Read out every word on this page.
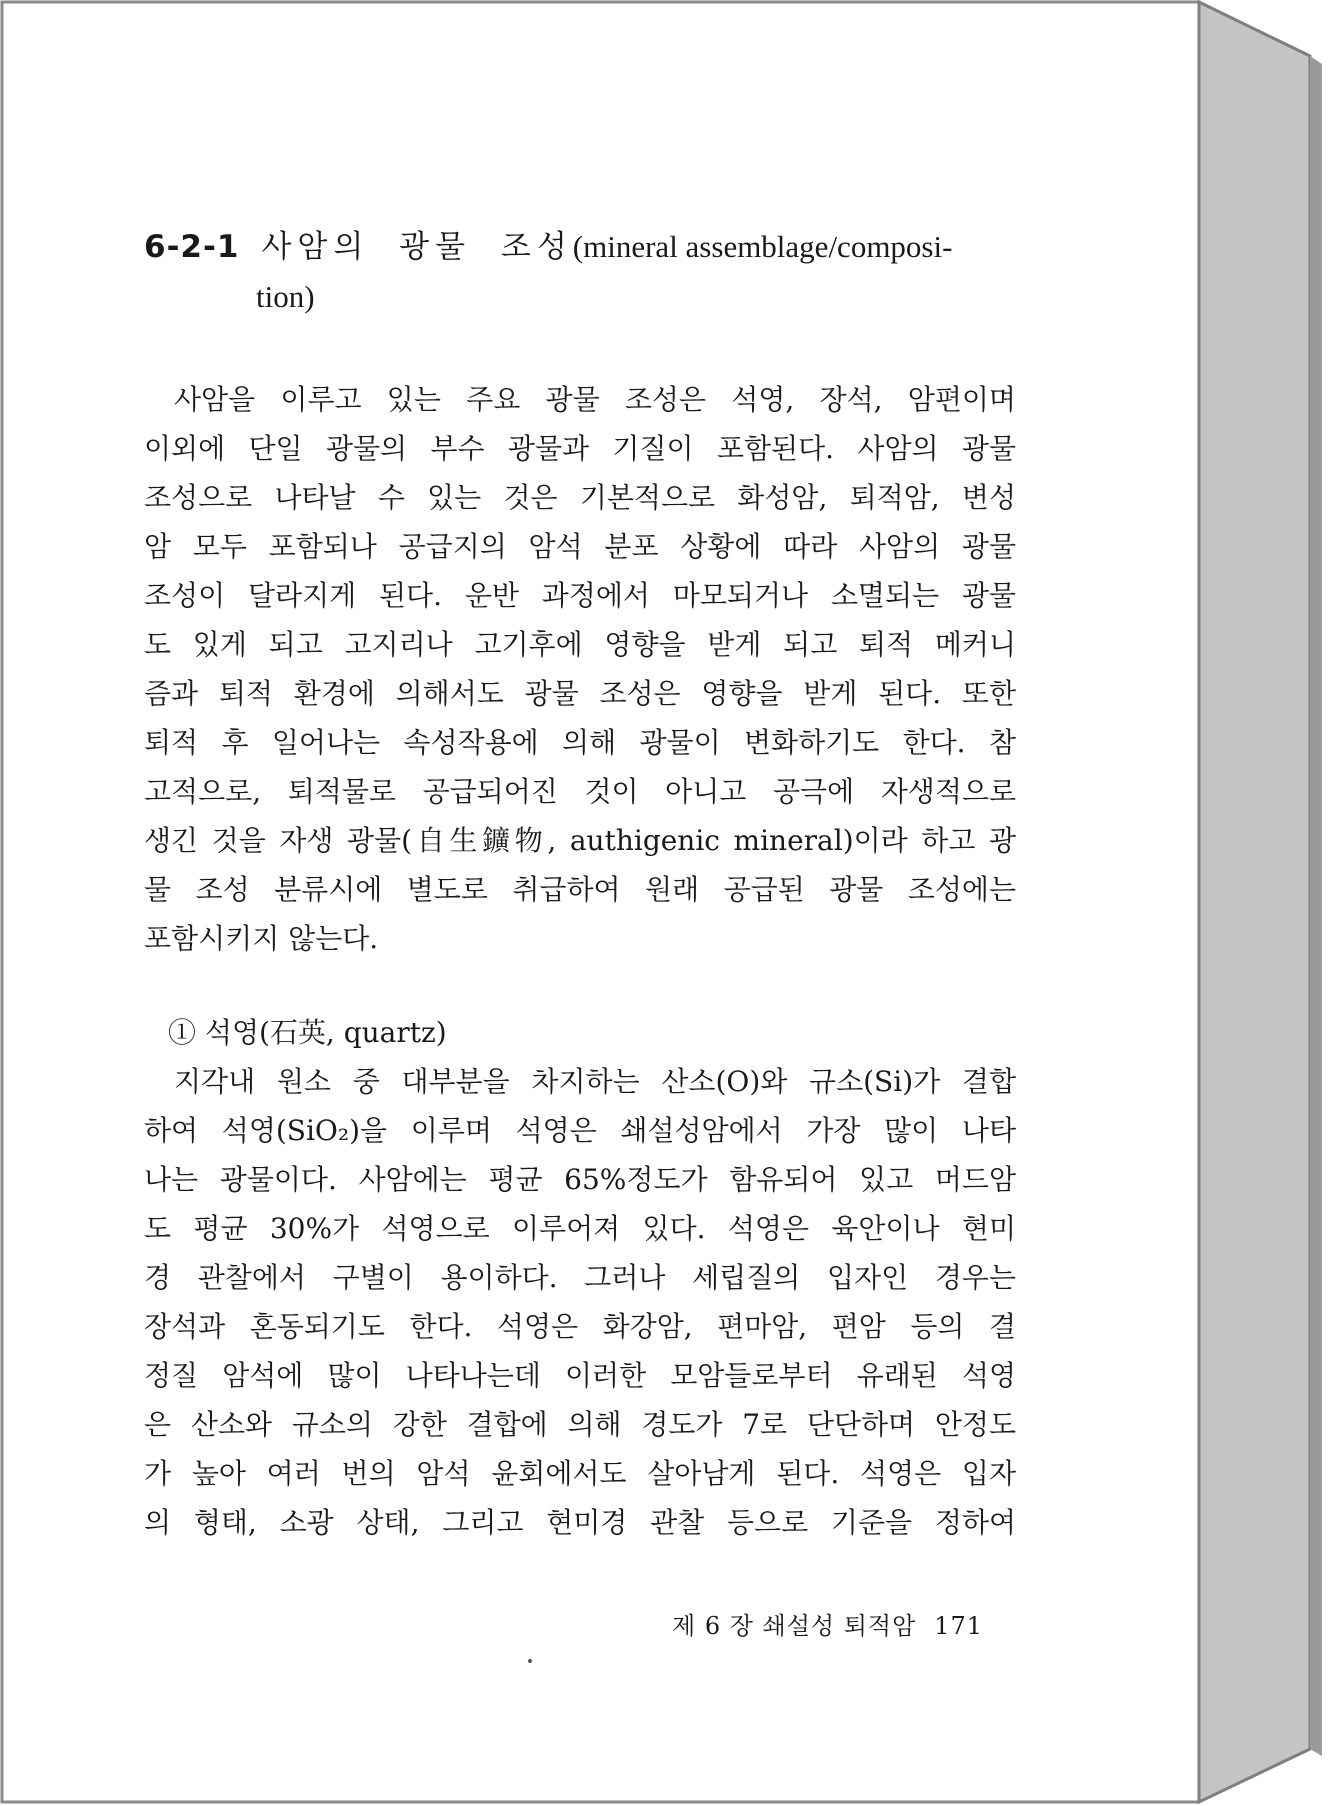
6-2-1 사암의 광물 조성(mineral assemblage/composi-
tion)
사암을 이루고 있는 주요 광물 조성은 석영, 장석, 암편이며
이외에 단일 광물의 부수 광물과 기질이 포함된다. 사암의 광물
조성으로 나타날 수 있는 것은 기본적으로 화성암, 퇴적암, 변성
암 모두 포함되나 공급지의 암석 분포 상황에 따라 사암의 광물
조성이 달라지게 된다. 운반 과정에서 마모되거나 소멸되는 광물
도 있게 되고 고지리나 고기후에 영향을 받게 되고 퇴적 메커니
즘과 퇴적 환경에 의해서도 광물 조성은 영향을 받게 된다. 또한
퇴적 후 일어나는 속성작용에 의해 광물이 변화하기도 한다. 참
고적으로, 퇴적물로 공급되어진 것이 아니고 공극에 자생적으로
생긴 것을 자생 광물(自生鑛物, authigenic mineral)이라 하고 광
물 조성 분류시에 별도로 취급하여 원래 공급된 광물 조성에는
포함시키지 않는다.
① 석영(石英, quartz)
지각내 원소 중 대부분을 차지하는 산소(O)와 규소(Si)가 결합
하여 석영(SiO₂)을 이루며 석영은 쇄설성암에서 가장 많이 나타
나는 광물이다. 사암에는 평균 65%정도가 함유되어 있고 머드암
도 평균 30%가 석영으로 이루어져 있다. 석영은 육안이나 현미
경 관찰에서 구별이 용이하다. 그러나 세립질의 입자인 경우는
장석과 혼동되기도 한다. 석영은 화강암, 편마암, 편암 등의 결
정질 암석에 많이 나타나는데 이러한 모암들로부터 유래된 석영
은 산소와 규소의 강한 결합에 의해 경도가 7로 단단하며 안정도
가 높아 여러 번의 암석 윤회에서도 살아남게 된다. 석영은 입자
의 형태, 소광 상태, 그리고 현미경 관찰 등으로 기준을 정하여
제 6 장 쇄설성 퇴적암 171
